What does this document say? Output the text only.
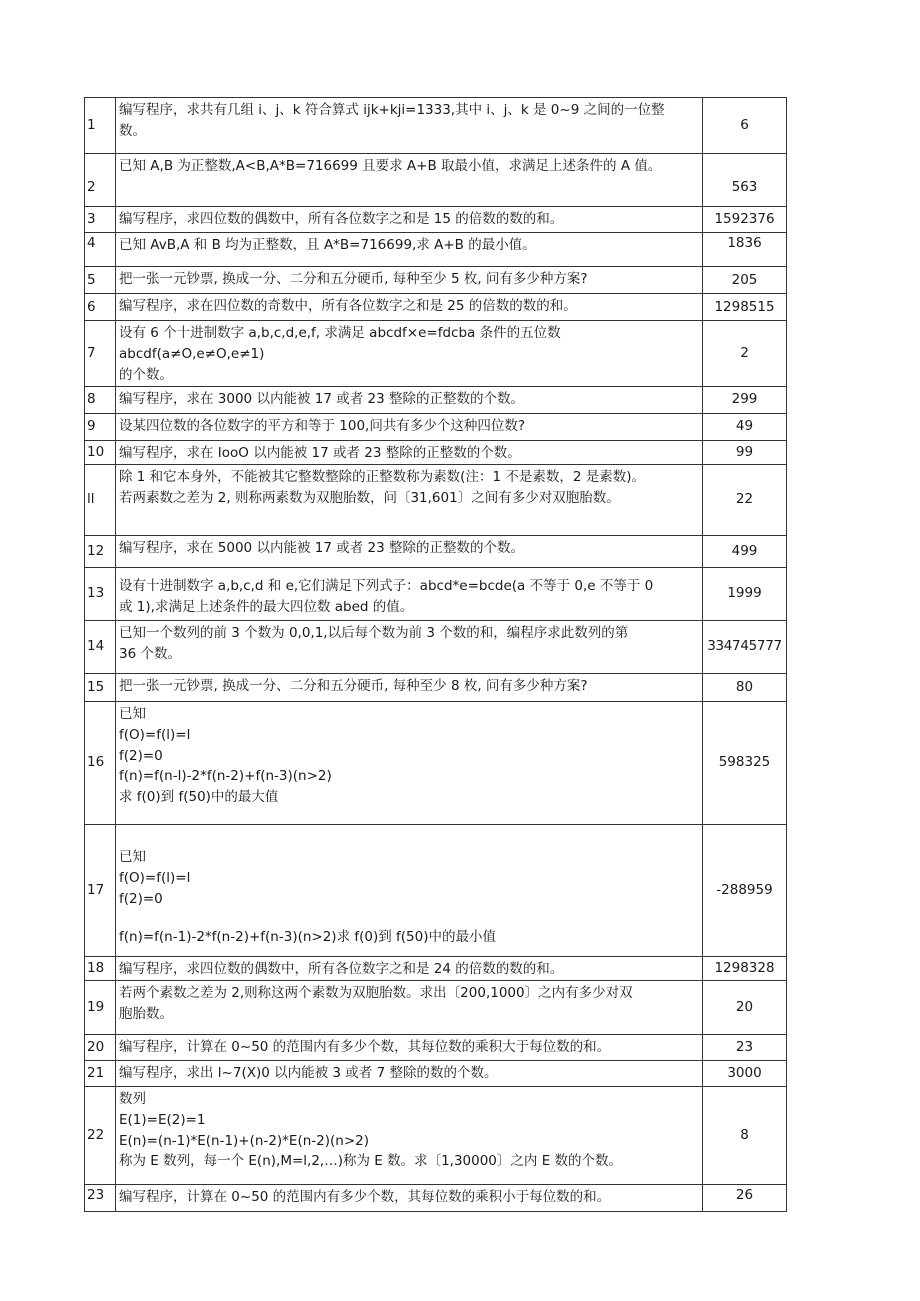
1	编写程序，求共有几组 i、j、k 符合算式 ijk+kji=1333,其中 i、j、k 是 0~9 之间的一位整
数。	6
2	已知 A,B 为正整数,A<B,A*B=716699 且要求 A+B 取最小值，求满足上述条件的 A 值。	563
3	编写程序，求四位数的偶数中，所有各位数字之和是 15 的倍数的数的和。	1592376
4	已知 AvB,A 和 B 均为正整数，且 A*B=716699,求 A+B 的最小值。	1836
5	把一张一元钞票, 换成一分、二分和五分硬币, 每种至少 5 枚, 问有多少种方案?	205
6	编写程序，求在四位数的奇数中，所有各位数字之和是 25 的倍数的数的和。	1298515
7	设有 6 个十进制数字 a,b,c,d,e,f, 求满足 abcdf×e=fdcba 条件的五位数 abcdf(a≠O,e≠O,e≠1)
的个数。	2
8	编写程序，求在 3000 以内能被 17 或者 23 整除的正整数的个数。	299
9	设某四位数的各位数字的平方和等于 100,问共有多少个这种四位数?	49
10	编写程序，求在 IooO 以内能被 17 或者 23 整除的正整数的个数。	99
ll	除 1 和它本身外，不能被其它整数整除的正整数称为素数(注：1 不是素数，2 是素数)。
若两素数之差为 2, 则称两素数为双胞胎数，问〔31,601〕之间有多少对双胞胎数。	22
12	编写程序，求在 5000 以内能被 17 或者 23 整除的正整数的个数。	499
13	设有十进制数字 a,b,c,d 和 e,它们满足下列式子：abcd*e=bcde(a 不等于 0,e 不等于 0
或 1),求满足上述条件的最大四位数 abed 的值。	1999
14	已知一个数列的前 3 个数为 0,0,1,以后每个数为前 3 个数的和，编程序求此数列的第
36 个数。	334745777
15	把一张一元钞票, 换成一分、二分和五分硬币, 每种至少 8 枚, 问有多少种方案?	80
16	已知
f(O)=f(l)=l
f(2)=0
f(n)=f(n-l)-2*f(n-2)+f(n-3)(n>2)
求 f(0)到 f(50)中的最大值	598325
17	已知
f(O)=f(l)=l
f(2)=0
f(n)=f(n-1)-2*f(n-2)+f(n-3)(n>2)求 f(0)到 f(50)中的最小值	-288959
18	编写程序，求四位数的偶数中，所有各位数字之和是 24 的倍数的数的和。	1298328
19	若两个素数之差为 2,则称这两个素数为双胞胎数。求出〔200,1000〕之内有多少对双
胞胎数。	20
20	编写程序，计算在 0~50 的范围内有多少个数，其每位数的乘积大于每位数的和。	23
21	编写程序，求出 l~7(X)0 以内能被 3 或者 7 整除的数的个数。	3000
22	数列
E(1)=E(2)=1
E(n)=(n-1)*E(n-1)+(n-2)*E(n-2)(n>2)
称为 E 数列，每一个 E(n),M=l,2,…)称为 E 数。求〔1,30000〕之内 E 数的个数。	8
23	编写程序，计算在 0~50 的范围内有多少个数，其每位数的乘积小于每位数的和。	26
